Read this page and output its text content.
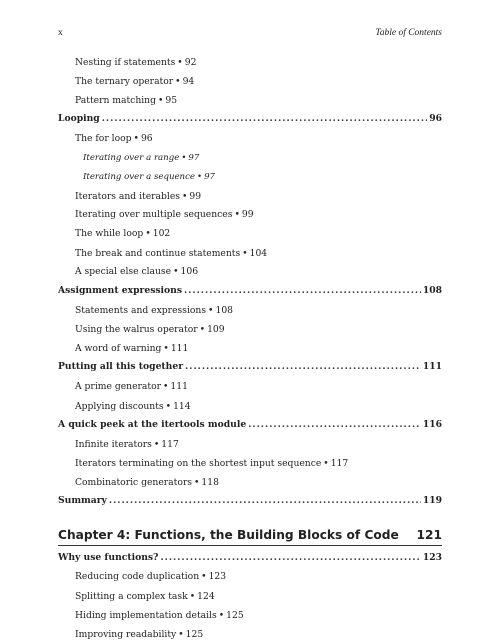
x	Table of Contents
Nesting if statements•92
The ternary operator•94
Pattern matching•95
Looping .....	96
The for loop•96
Iterating over a range•97
Iterating over a sequence•97
Iterators and iterables•99
Iterating over multiple sequences•99
The while loop•102
The break and continue statements•104
A special else clause•106
Assignment expressions .....	108
Statements and expressions•108
Using the walrus operator•109
A word of warning•111
Putting all this together .....	111
A prime generator•111
Applying discounts•114
A quick peek at the itertools module .....	116
Infinite iterators•117
Iterators terminating on the shortest input sequence•117
Combinatoric generators•118
Summary .....	119
Chapter 4: Functions, the Building Blocks of Code 121
Why use functions? .....	123
Reducing code duplication•123
Splitting a complex task•124
Hiding implementation details•125
Improving readability•125
